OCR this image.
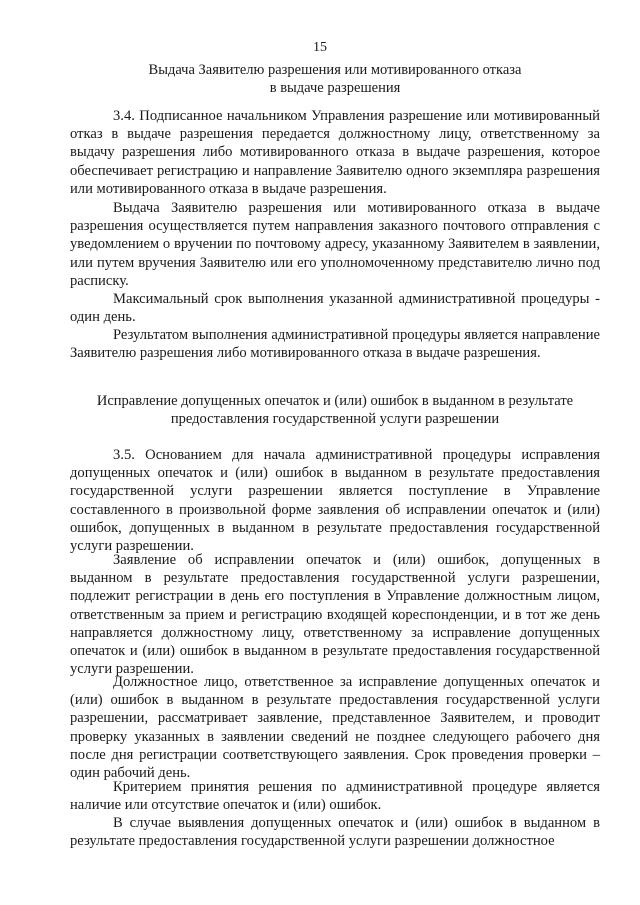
15
Выдача Заявителю разрешения или мотивированного отказа
в выдаче разрешения

3.4. Подписанное начальником Управления разрешение или мотивированный отказ в выдаче разрешения передается должностному лицу, ответственному за выдачу разрешения либо мотивированного отказа в выдаче разрешения, которое обеспечивает регистрацию и направление Заявителю одного экземпляра разрешения или мотивированного отказа в выдаче разрешения.

Выдача Заявителю разрешения или мотивированного отказа в выдаче разрешения осуществляется путем направления заказного почтового отправления с уведомлением о вручении по почтовому адресу, указанному Заявителем в заявлении, или путем вручения Заявителю или его уполномоченному представителю лично под расписку.

Максимальный срок выполнения указанной административной процедуры - один день.

Результатом выполнения административной процедуры является направление Заявителю разрешения либо мотивированного отказа в выдаче разрешения.

Исправление допущенных опечаток и (или) ошибок в выданном в результате
предоставления государственной услуги разрешении

3.5. Основанием для начала административной процедуры исправления допущенных опечаток и (или) ошибок в выданном в результате предоставления государственной услуги разрешении является поступление в Управление составленного в произвольной форме заявления об исправлении опечаток и (или) ошибок, допущенных в выданном в результате предоставления государственной услуги разрешении.

Заявление об исправлении опечаток и (или) ошибок, допущенных в выданном в результате предоставления государственной услуги разрешении, подлежит регистрации в день его поступления в Управление должностным лицом, ответственным за прием и регистрацию входящей кореспонденции, и в тот же день направляется должностному лицу, ответственному за исправление допущенных опечаток и (или) ошибок в выданном в результате предоставления государственной услуги разрешении.

Должностное лицо, ответственное за исправление допущенных опечаток и (или) ошибок в выданном в результате предоставления государственной услуги разрешении, рассматривает заявление, представленное Заявителем, и проводит проверку указанных в заявлении сведений не позднее следующего рабочего дня после дня регистрации соответствующего заявления. Срок проведения проверки – один рабочий день.

Критерием принятия решения по административной процедуре является наличие или отсутствие опечаток и (или) ошибок.

В случае выявления допущенных опечаток и (или) ошибок в выданном в результате предоставления государственной услуги разрешении должностное
